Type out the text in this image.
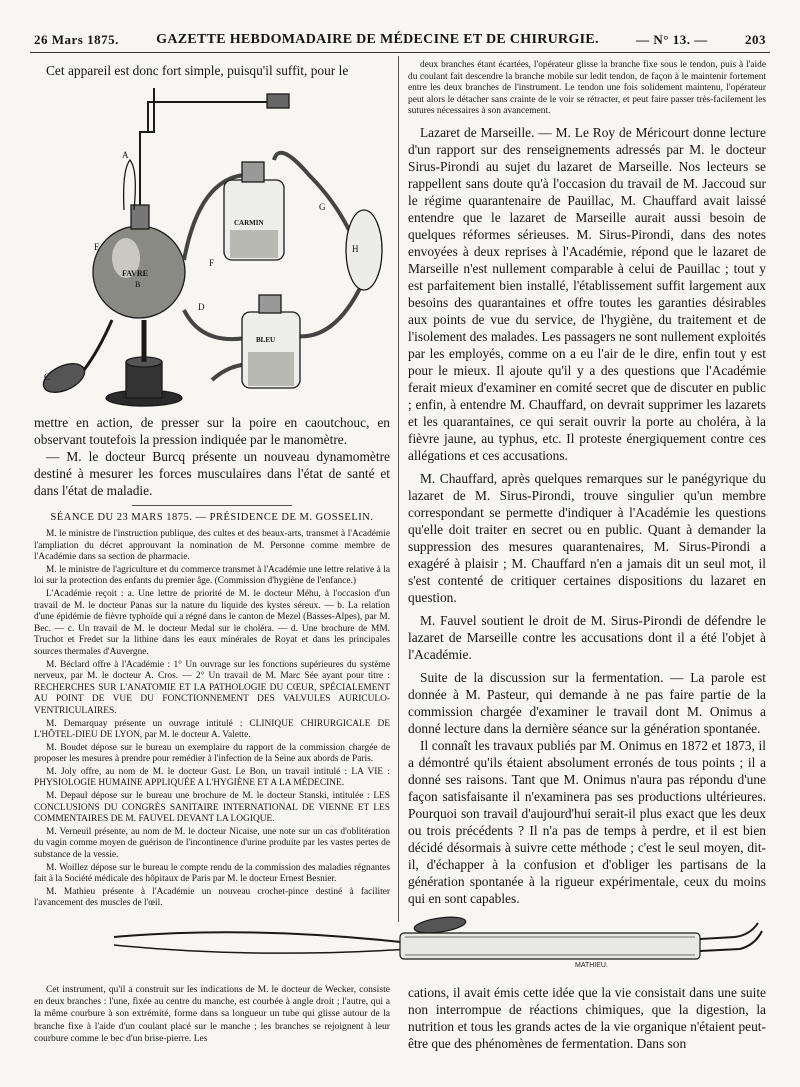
26 Mars 1875.	GAZETTE HEBDOMADAIRE DE MÉDECINE ET DE CHIRURGIE.	— N° 13. —	203

Cet appareil est donc fort simple, puisqu'il suffit, pour le

A
E
F
G
H
C
D
FAVRE
B
CARMIN
BLEU

mettre en action, de presser sur la poire en caoutchouc, en observant toutefois la pression indiquée par le manomètre.

— M. le docteur Burcq présente un nouveau dynamomètre destiné à mesurer les forces musculaires dans l'état de santé et dans l'état de maladie.

SÉANCE DU 23 MARS 1875. — PRÉSIDENCE DE M. GOSSELIN.

M. le ministre de l'instruction publique, des cultes et des beaux-arts, transmet à l'Académie l'ampliation du décret approuvant la nomination de M. Personne comme membre de l'Académie dans sa section de pharmacie.

M. le ministre de l'agriculture et du commerce transmet à l'Académie une lettre relative à la loi sur la protection des enfants du premier âge. (Commission d'hygiène de l'enfance.)

L'Académie reçoit : a. Une lettre de priorité de M. le docteur Méhu, à l'occasion d'un travail de M. le docteur Panas sur la nature du liquide des kystes séreux. — b. La relation d'une épidémie de fièvre typhoïde qui a régné dans le canton de Mezel (Basses-Alpes), par M. Bec. — c. Un travail de M. le docteur Medal sur le choléra. — d. Une brochure de MM. Truchot et Fredet sur la lithine dans les eaux minérales de Royat et dans les principales sources thermales d'Auvergne.

M. Béclard offre à l'Académie : 1° Un ouvrage sur les fonctions supérieures du système nerveux, par M. le docteur A. Cros. — 2° Un travail de M. Marc Sée ayant pour titre : RECHERCHES SUR L'ANATOMIE ET LA PATHOLOGIE DU CŒUR, SPÉCIALEMENT AU POINT DE VUE DU FONCTIONNEMENT DES VALVULES AURICULO-VENTRICULAIRES.

M. Demarquay présente un ouvrage intitulé : CLINIQUE CHIRURGICALE DE L'HÔTEL-DIEU DE LYON, par M. le docteur A. Valette.

M. Boudet dépose sur le bureau un exemplaire du rapport de la commission chargée de proposer les mesures à prendre pour remédier à l'infection de la Seine aux abords de Paris.

M. Joly offre, au nom de M. le docteur Gust. Le Bon, un travail intitulé : LA VIE : PHYSIOLOGIE HUMAINE APPLIQUÉE A L'HYGIÈNE ET A LA MÉDECINE.

M. Depaul dépose sur le bureau une brochure de M. le docteur Stanski, intitulée : LES CONCLUSIONS DU CONGRÈS SANITAIRE INTERNATIONAL DE VIENNE ET LES COMMENTAIRES DE M. FAUVEL DEVANT LA LOGIQUE.

M. Verneuil présente, au nom de M. le docteur Nicaise, une note sur un cas d'oblitération du vagin comme moyen de guérison de l'incontinence d'urine produite par les vastes pertes de substance de la vessie.

M. Woillez dépose sur le bureau le compte rendu de la commission des maladies régnantes fait à la Société médicale des hôpitaux de Paris par M. le docteur Ernest Besnier.

M. Mathieu présente à l'Académie un nouveau crochet-pince destiné à faciliter l'avancement des muscles de l'œil.

deux branches étant écartées, l'opérateur glisse la branche fixe sous le tendon, puis à l'aide du coulant fait descendre la branche mobile sur ledit tendon, de façon à le maintenir fortement entre les deux branches de l'instrument. Le tendon une fois solidement maintenu, l'opérateur peut alors le détacher sans crainte de le voir se rétracter, et peut faire passer très-facilement les sutures nécessaires à son avancement.

Lazaret de Marseille. — M. Le Roy de Méricourt donne lecture d'un rapport sur des renseignements adressés par M. le docteur Sirus-Pirondi au sujet du lazaret de Marseille. Nos lecteurs se rappellent sans doute qu'à l'occasion du travail de M. Jaccoud sur le régime quarantenaire de Pauillac, M. Chauffard avait laissé entendre que le lazaret de Marseille aurait aussi besoin de quelques réformes sérieuses. M. Sirus-Pirondi, dans des notes envoyées à deux reprises à l'Académie, répond que le lazaret de Marseille n'est nullement comparable à celui de Pauillac ; tout y est parfaitement bien installé, l'établissement suffit largement aux besoins des quarantaines et offre toutes les garanties désirables aux points de vue du service, de l'hygiène, du traitement et de l'isolement des malades. Les passagers ne sont nullement exploités par les employés, comme on a eu l'air de le dire, enfin tout y est pour le mieux. Il ajoute qu'il y a des questions que l'Académie ferait mieux d'examiner en comité secret que de discuter en public ; enfin, à entendre M. Chauffard, on devrait supprimer les lazarets et les quarantaines, ce qui serait ouvrir la porte au choléra, à la fièvre jaune, au typhus, etc. Il proteste énergiquement contre ces allégations et ces accusations.

M. Chauffard, après quelques remarques sur le panégyrique du lazaret de M. Sirus-Pirondi, trouve singulier qu'un membre correspondant se permette d'indiquer à l'Académie les questions qu'elle doit traiter en secret ou en public. Quant à demander la suppression des mesures quarantenaires, M. Sirus-Pirondi a exagéré à plaisir ; M. Chauffard n'en a jamais dit un seul mot, il s'est contenté de critiquer certaines dispositions du lazaret en question.

M. Fauvel soutient le droit de M. Sirus-Pirondi de défendre le lazaret de Marseille contre les accusations dont il a été l'objet à l'Académie.

Suite de la discussion sur la fermentation. — La parole est donnée à M. Pasteur, qui demande à ne pas faire partie de la commission chargée d'examiner le travail dont M. Onimus a donné lecture dans la dernière séance sur la génération spontanée.

Il connaît les travaux publiés par M. Onimus en 1872 et 1873, il a démontré qu'ils étaient absolument erronés de tous points ; il a donné ses raisons. Tant que M. Onimus n'aura pas répondu d'une façon satisfaisante il n'examinera pas ses productions ultérieures. Pourquoi son travail d'aujourd'hui serait-il plus exact que les deux ou trois précédents ? Il n'a pas de temps à perdre, et il est bien décidé désormais à suivre cette méthode ; c'est le seul moyen, dit-il, d'échapper à la confusion et d'obliger les partisans de la génération spontanée à la rigueur expérimentale, ceux du moins qui en sont capables.

MATHIEU.

Cet instrument, qu'il a construit sur les indications de M. le docteur de Wecker, consiste en deux branches : l'une, fixée au centre du manche, est courbée à angle droit ; l'autre, qui a la même courbure à son extrémité, forme dans sa longueur un tube qui glisse autour de la branche fixe à l'aide d'un coulant placé sur le manche ; les branches se rejoignent à leur courbure comme le bec d'un brise-pierre. Les

cations, il avait émis cette idée que la vie consistait dans une suite non interrompue de réactions chimiques, que la digestion, la nutrition et tous les grands actes de la vie organique n'étaient peut-être que des phénomènes de fermentation. Dans son
